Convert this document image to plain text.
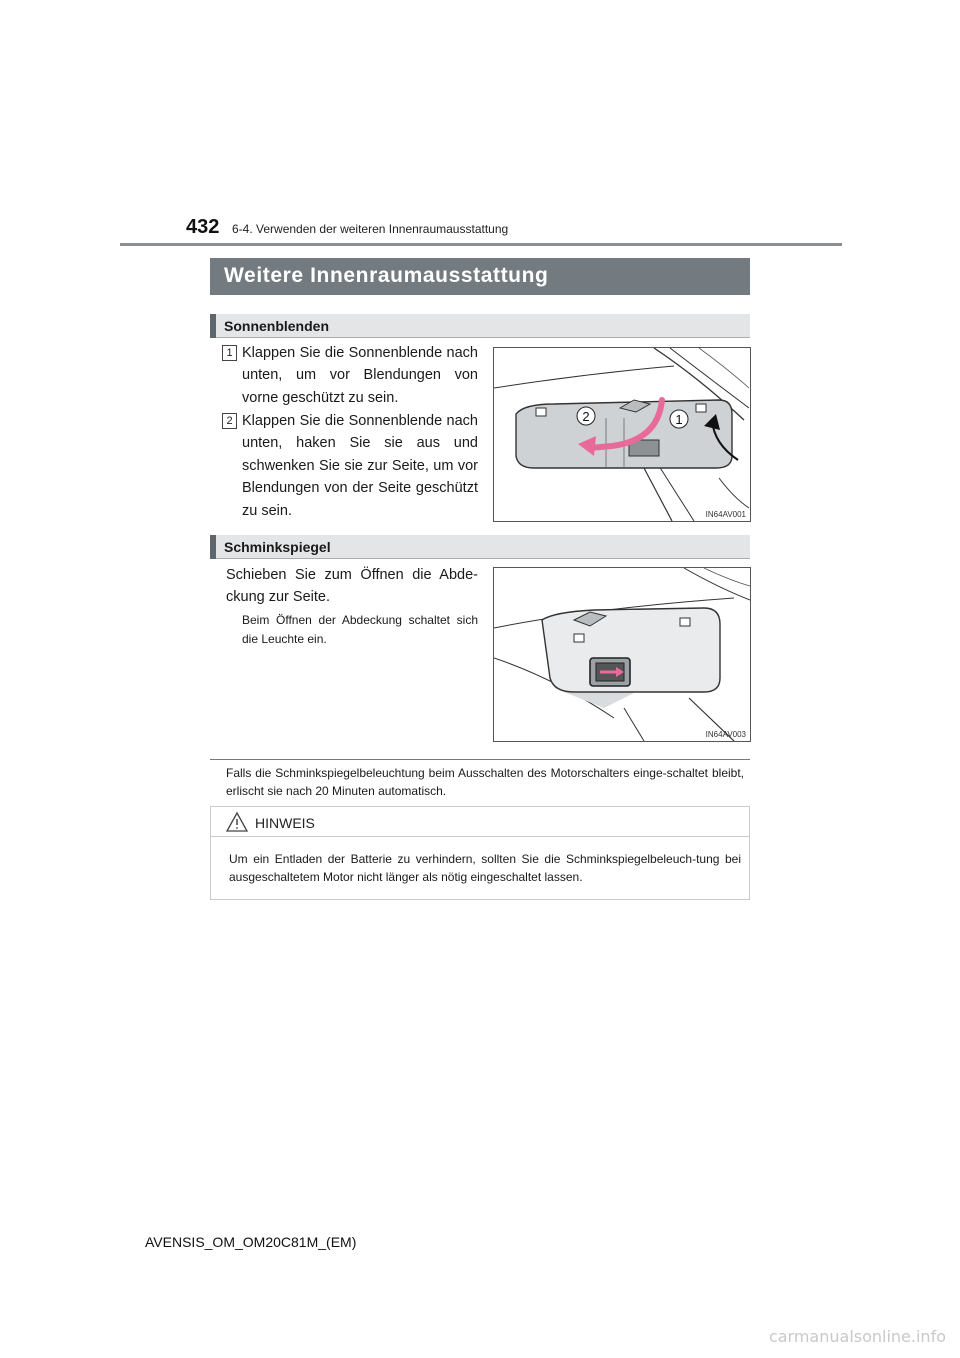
432 6-4. Verwenden der weiteren Innenraumausstattung
Weitere Innenraumausstattung
Sonnenblenden
1 Klappen Sie die Sonnenblende nach unten, um vor Blendungen von vorne geschützt zu sein.
2 Klappen Sie die Sonnenblende nach unten, haken Sie sie aus und schwenken Sie sie zur Seite, um vor Blendungen von der Seite geschützt zu sein.
2	1
IN64AV001
Schminkspiegel
Schieben Sie zum Öffnen die Abde-ckung zur Seite.
Beim Öffnen der Abdeckung schaltet sich die Leuchte ein.
IN64AV003
Falls die Schminkspiegelbeleuchtung beim Ausschalten des Motorschalters einge-schaltet bleibt, erlischt sie nach 20 Minuten automatisch.
HINWEIS
Um ein Entladen der Batterie zu verhindern, sollten Sie die Schminkspiegelbeleuch-tung bei ausgeschaltetem Motor nicht länger als nötig eingeschaltet lassen.
AVENSIS_OM_OM20C81M_(EM)
carmanualsonline.info
